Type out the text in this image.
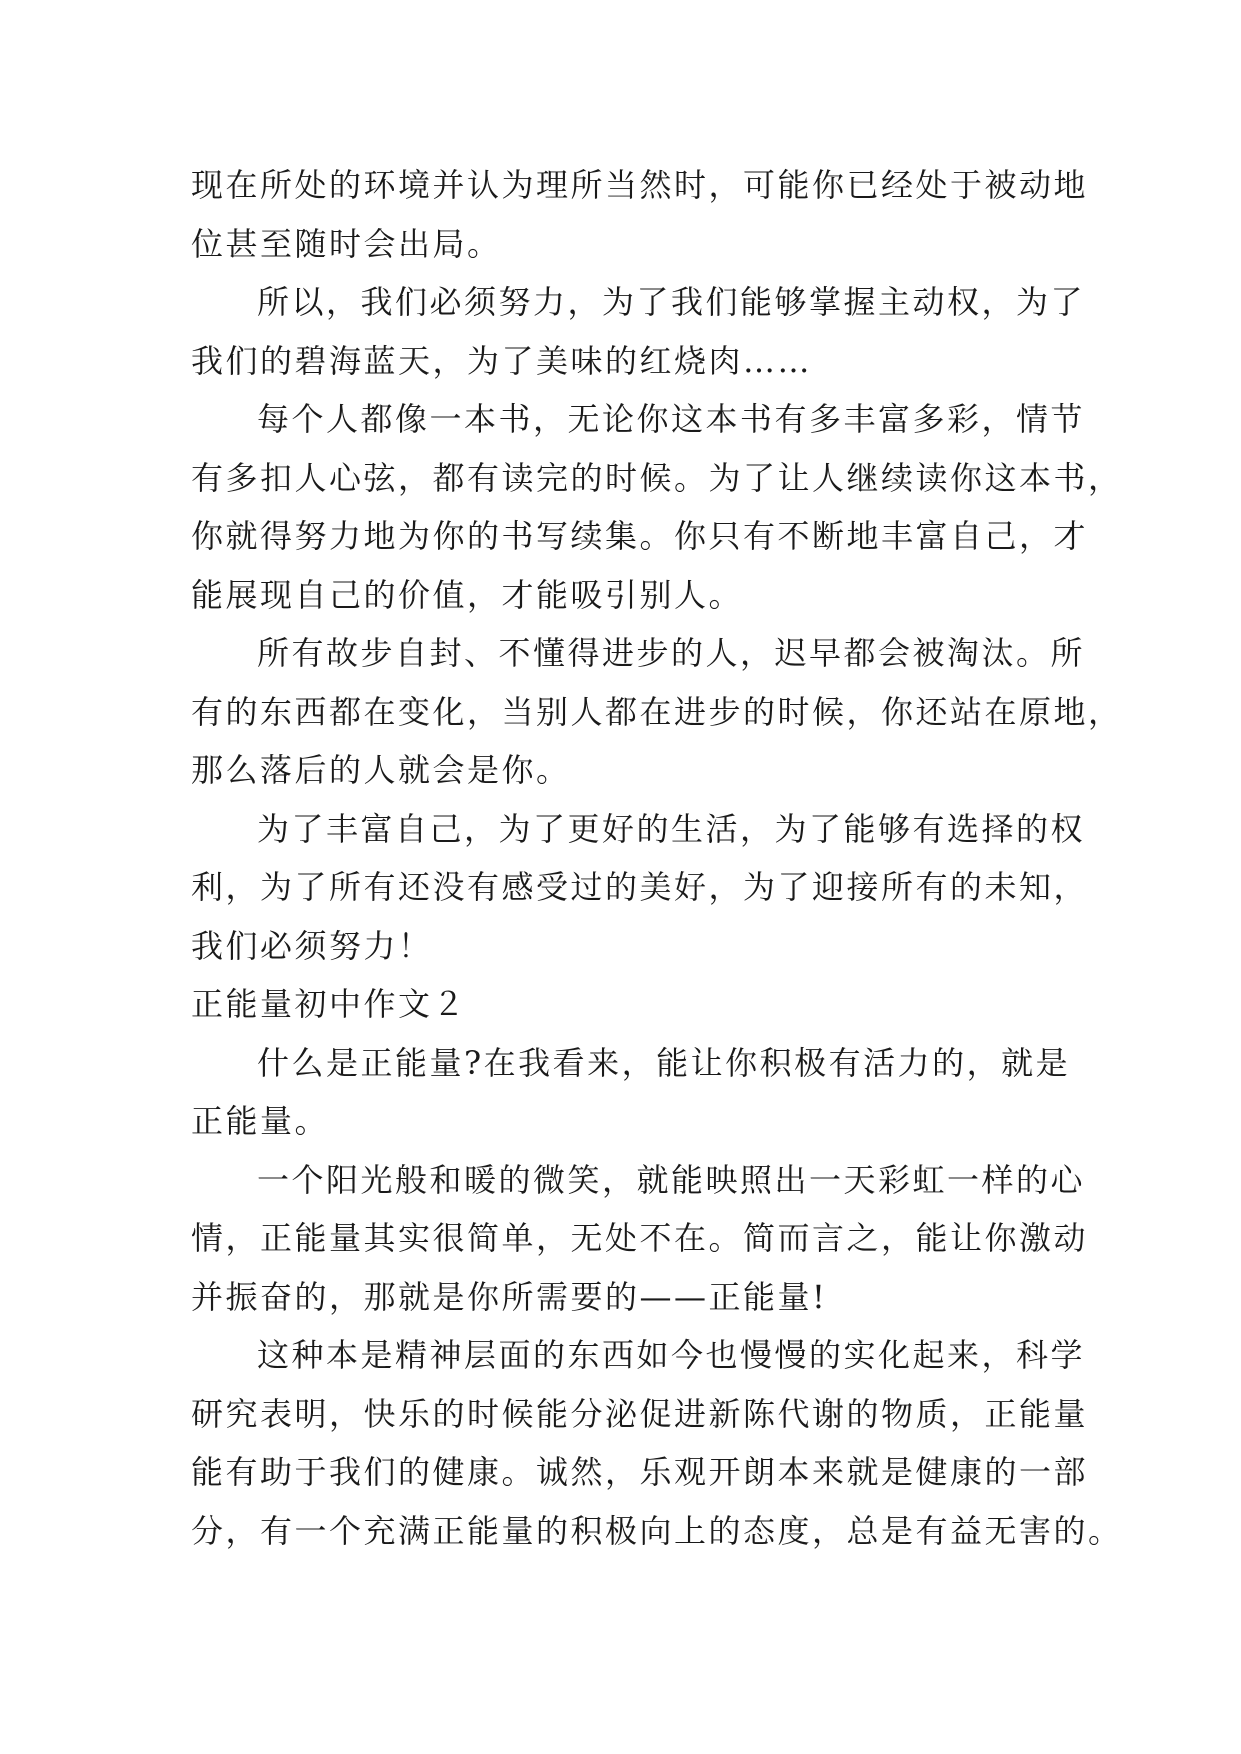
现在所处的环境并认为理所当然时，可能你已经处于被动地
位甚至随时会出局。
所以，我们必须努力，为了我们能够掌握主动权，为了
我们的碧海蓝天，为了美味的红烧肉……
每个人都像一本书，无论你这本书有多丰富多彩，情节
有多扣人心弦，都有读完的时候。为了让人继续读你这本书，
你就得努力地为你的书写续集。你只有不断地丰富自己，才
能展现自己的价值，才能吸引别人。
所有故步自封、不懂得进步的人，迟早都会被淘汰。所
有的东西都在变化，当别人都在进步的时候，你还站在原地，
那么落后的人就会是你。
为了丰富自己，为了更好的生活，为了能够有选择的权
利，为了所有还没有感受过的美好，为了迎接所有的未知，
我们必须努力！
正能量初中作文２
什么是正能量?在我看来，能让你积极有活力的，就是
正能量。
一个阳光般和暖的微笑，就能映照出一天彩虹一样的心
情，正能量其实很简单，无处不在。简而言之，能让你激动
并振奋的，那就是你所需要的——正能量!
这种本是精神层面的东西如今也慢慢的实化起来，科学
研究表明，快乐的时候能分泌促进新陈代谢的物质，正能量
能有助于我们的健康。诚然，乐观开朗本来就是健康的一部
分，有一个充满正能量的积极向上的态度，总是有益无害的。
